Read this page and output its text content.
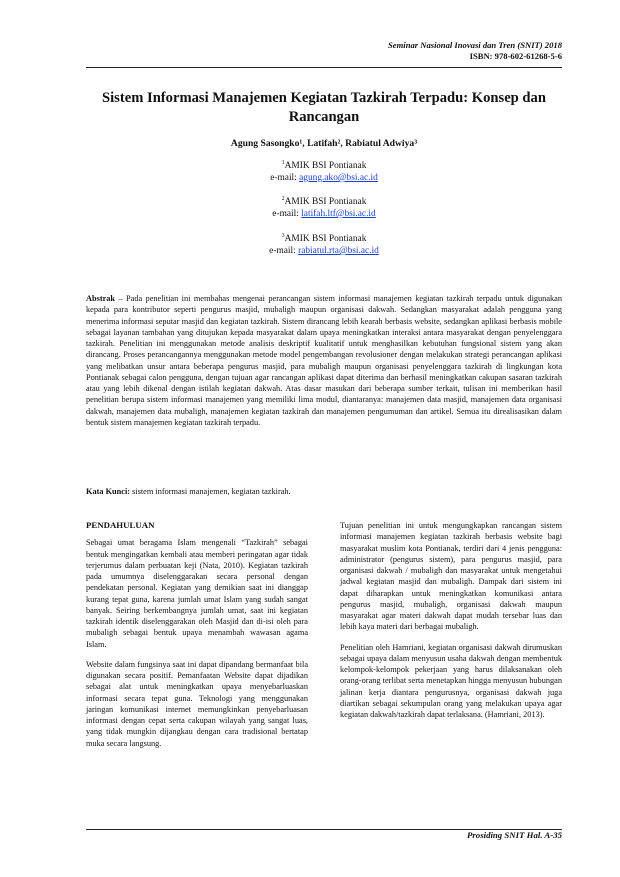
Seminar Nasional Inovasi dan Tren (SNIT) 2018
ISBN: 978-602-61268-5-6
Sistem Informasi Manajemen Kegiatan Tazkirah Terpadu: Konsep dan Rancangan
Agung Sasongko¹, Latifah², Rabiatul Adwiya³
$^1$AMIK BSI Pontianak
e-mail: agung.ako@bsi.ac.id
$^2$AMIK BSI Pontianak
e-mail: latifah.ltf@bsi.ac.id
$^3$AMIK BSI Pontianak
e-mail: rabiatul.rta@bsi.ac.id
Abstrak – Pada penelitian ini membahas mengenai perancangan sistem informasi manajemen kegiatan tazkirah terpadu untuk digunakan kepada para kontributor seperti pengurus masjid, mubaligh maupun organisasi dakwah. Sedangkan masyarakat adalah pengguna yang menerima informasi seputar masjid dan kegiatan tazkirah. Sistem dirancang lebih kearah berbasis website, sedangkan aplikasi berbasis mobile sebagai layanan tambahan yang ditujukan kepada masyarakat dalam upaya meningkatkan interaksi antara masyarakat dengan penyelenggara tazkirah. Penelitian ini menggunakan metode analisis deskriptif kualitatif untuk menghasilkan kebutuhan fungsional sistem yang akan dirancang. Proses perancangannya menggunakan metode model pengembangan revolusioner dengan melakukan strategi perancangan aplikasi yang melibatkan unsur antara beberapa pengurus masjid, para mubaligh maupun organisasi penyelenggara tazkirah di lingkungan kota Pontianak sebagai calon pengguna, dengan tujuan agar rancangan aplikasi dapat diterima dan berhasil meningkatkan cakupan sasaran tazkirah atau yang lebih dikenal dengan istilah kegiatan dakwah. Atas dasar masukan dari beberapa sumber terkait, tulisan ini memberikan hasil penelitian berupa sistem informasi manajemen yang memiliki lima modul, diantaranya: manajemen data masjid, manajemen data organisasi dakwah, manajemen data mubaligh, manajemen kegiatan tazkirah dan manajemen pengumuman dan artikel. Semua itu direalisasikan dalam bentuk sistem manajemen kegiatan tazkirah terpadu.
Kata Kunci: sistem informasi manajemen, kegiatan tazkirah.
PENDAHULUAN

Sebagai umat beragama Islam mengenali “Tazkirah” sebagai bentuk mengingatkan kembali atau memberi peringatan agar tidak terjerumus dalam perbuatan keji (Nata, 2010). Kegiatan tazkirah pada umumnya diselenggarakan secara personal dengan pendekatan personal. Kegiatan yang demikian saat ini dianggap kurang tepat guna, karena jumlah umat Islam yang sudah sangat banyak. Seiring berkembangnya jumlah umat, saat ini kegiatan tazkirah identik diselenggarakan oleh Masjid dan di-isi oleh para mubaligh sebagai bentuk upaya menambah wawasan agama Islam.

Website dalam fungsinya saat ini dapat dipandang bermanfaat bila digunakan secara positif. Pemanfaatan Website dapat dijadikan sebagai alat untuk meningkatkan upaya menyebarluaskan informasi secara tepat guna. Teknologi yang menggunakan jaringan komunikasi internet memungkinkan penyebarluasan informasi dengan cepat serta cakupan wilayah yang sangat luas, yang tidak mungkin dijangkau dengan cara tradisional bertatap muka secara langsung.

Tujuan penelitian ini untuk mengungkapkan rancangan sistem informasi manajemen kegiatan tazkirah berbasis website bagi masyarakat muslim kota Pontianak, terdiri dari 4 jenis pengguna: administrator (pengurus sistem), para pengurus masjid, para organisasi dakwah / mubaligh dan masyarakat untuk mengetahui jadwal kegiatan masjid dan mubaligh. Dampak dari sistem ini dapat diharapkan untuk meningkatkan komunikasi antara pengurus masjid, mubaligh, organisasi dakwah maupun masyarakat agar materi dakwah dapat mudah tersebar luas dan lebih kaya materi dari berbagai mubaligh.

Penelitian oleh Hamriani, kegiatan organisasi dakwah dirumuskan sebagai upaya dalam menyusun usaha dakwah dengan membentuk kelompok-kelompok pekerjaan yang harus dilaksanakan oleh orang-orang terlibat serta menetapkan hingga menyusun hubungan jalinan kerja diantara pengurusnya, organisasi dakwah juga diartikan sebagai sekumpulan orang yang melakukan upaya agar kegiatan dakwah/tazkirah dapat terlaksana. (Hamriani, 2013).

Prosiding SNIT Hal. A-35
